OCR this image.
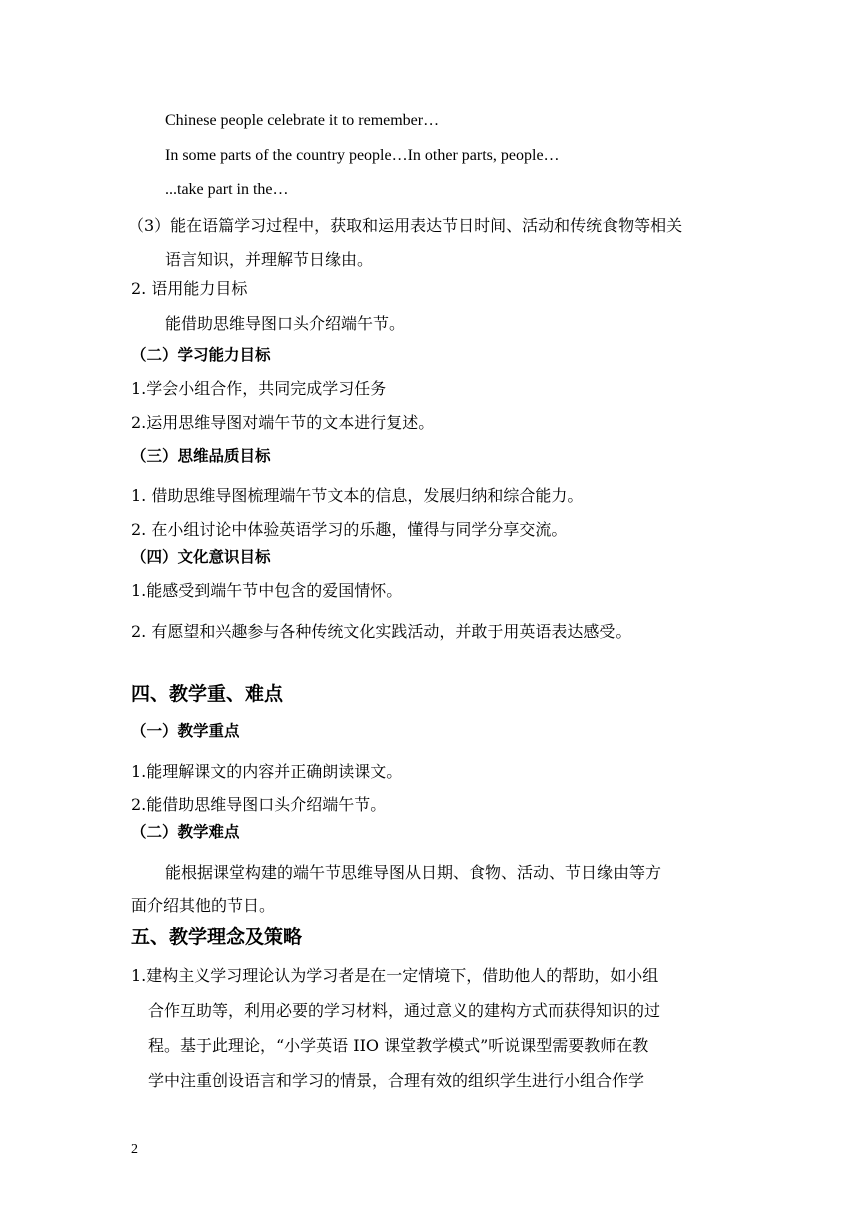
Chinese people celebrate it to remember…
In some parts of the country people…In other parts, people…
...take part in the…
（3）能在语篇学习过程中，获取和运用表达节日时间、活动和传统食物等相关
语言知识，并理解节日缘由。
2. 语用能力目标
能借助思维导图口头介绍端午节。
（二）学习能力目标
1.学会小组合作，共同完成学习任务
2.运用思维导图对端午节的文本进行复述。
（三）思维品质目标
1. 借助思维导图梳理端午节文本的信息，发展归纳和综合能力。
2. 在小组讨论中体验英语学习的乐趣，懂得与同学分享交流。
（四）文化意识目标
1.能感受到端午节中包含的爱国情怀。
2. 有愿望和兴趣参与各种传统文化实践活动，并敢于用英语表达感受。
四、教学重、难点
（一）教学重点
1.能理解课文的内容并正确朗读课文。
2.能借助思维导图口头介绍端午节。
（二）教学难点
能根据课堂构建的端午节思维导图从日期、食物、活动、节日缘由等方
面介绍其他的节日。
五、教学理念及策略
1.建构主义学习理论认为学习者是在一定情境下，借助他人的帮助，如小组
合作互助等，利用必要的学习材料，通过意义的建构方式而获得知识的过
程。基于此理论，“小学英语 IIO 课堂教学模式”听说课型需要教师在教
学中注重创设语言和学习的情景，合理有效的组织学生进行小组合作学
2
